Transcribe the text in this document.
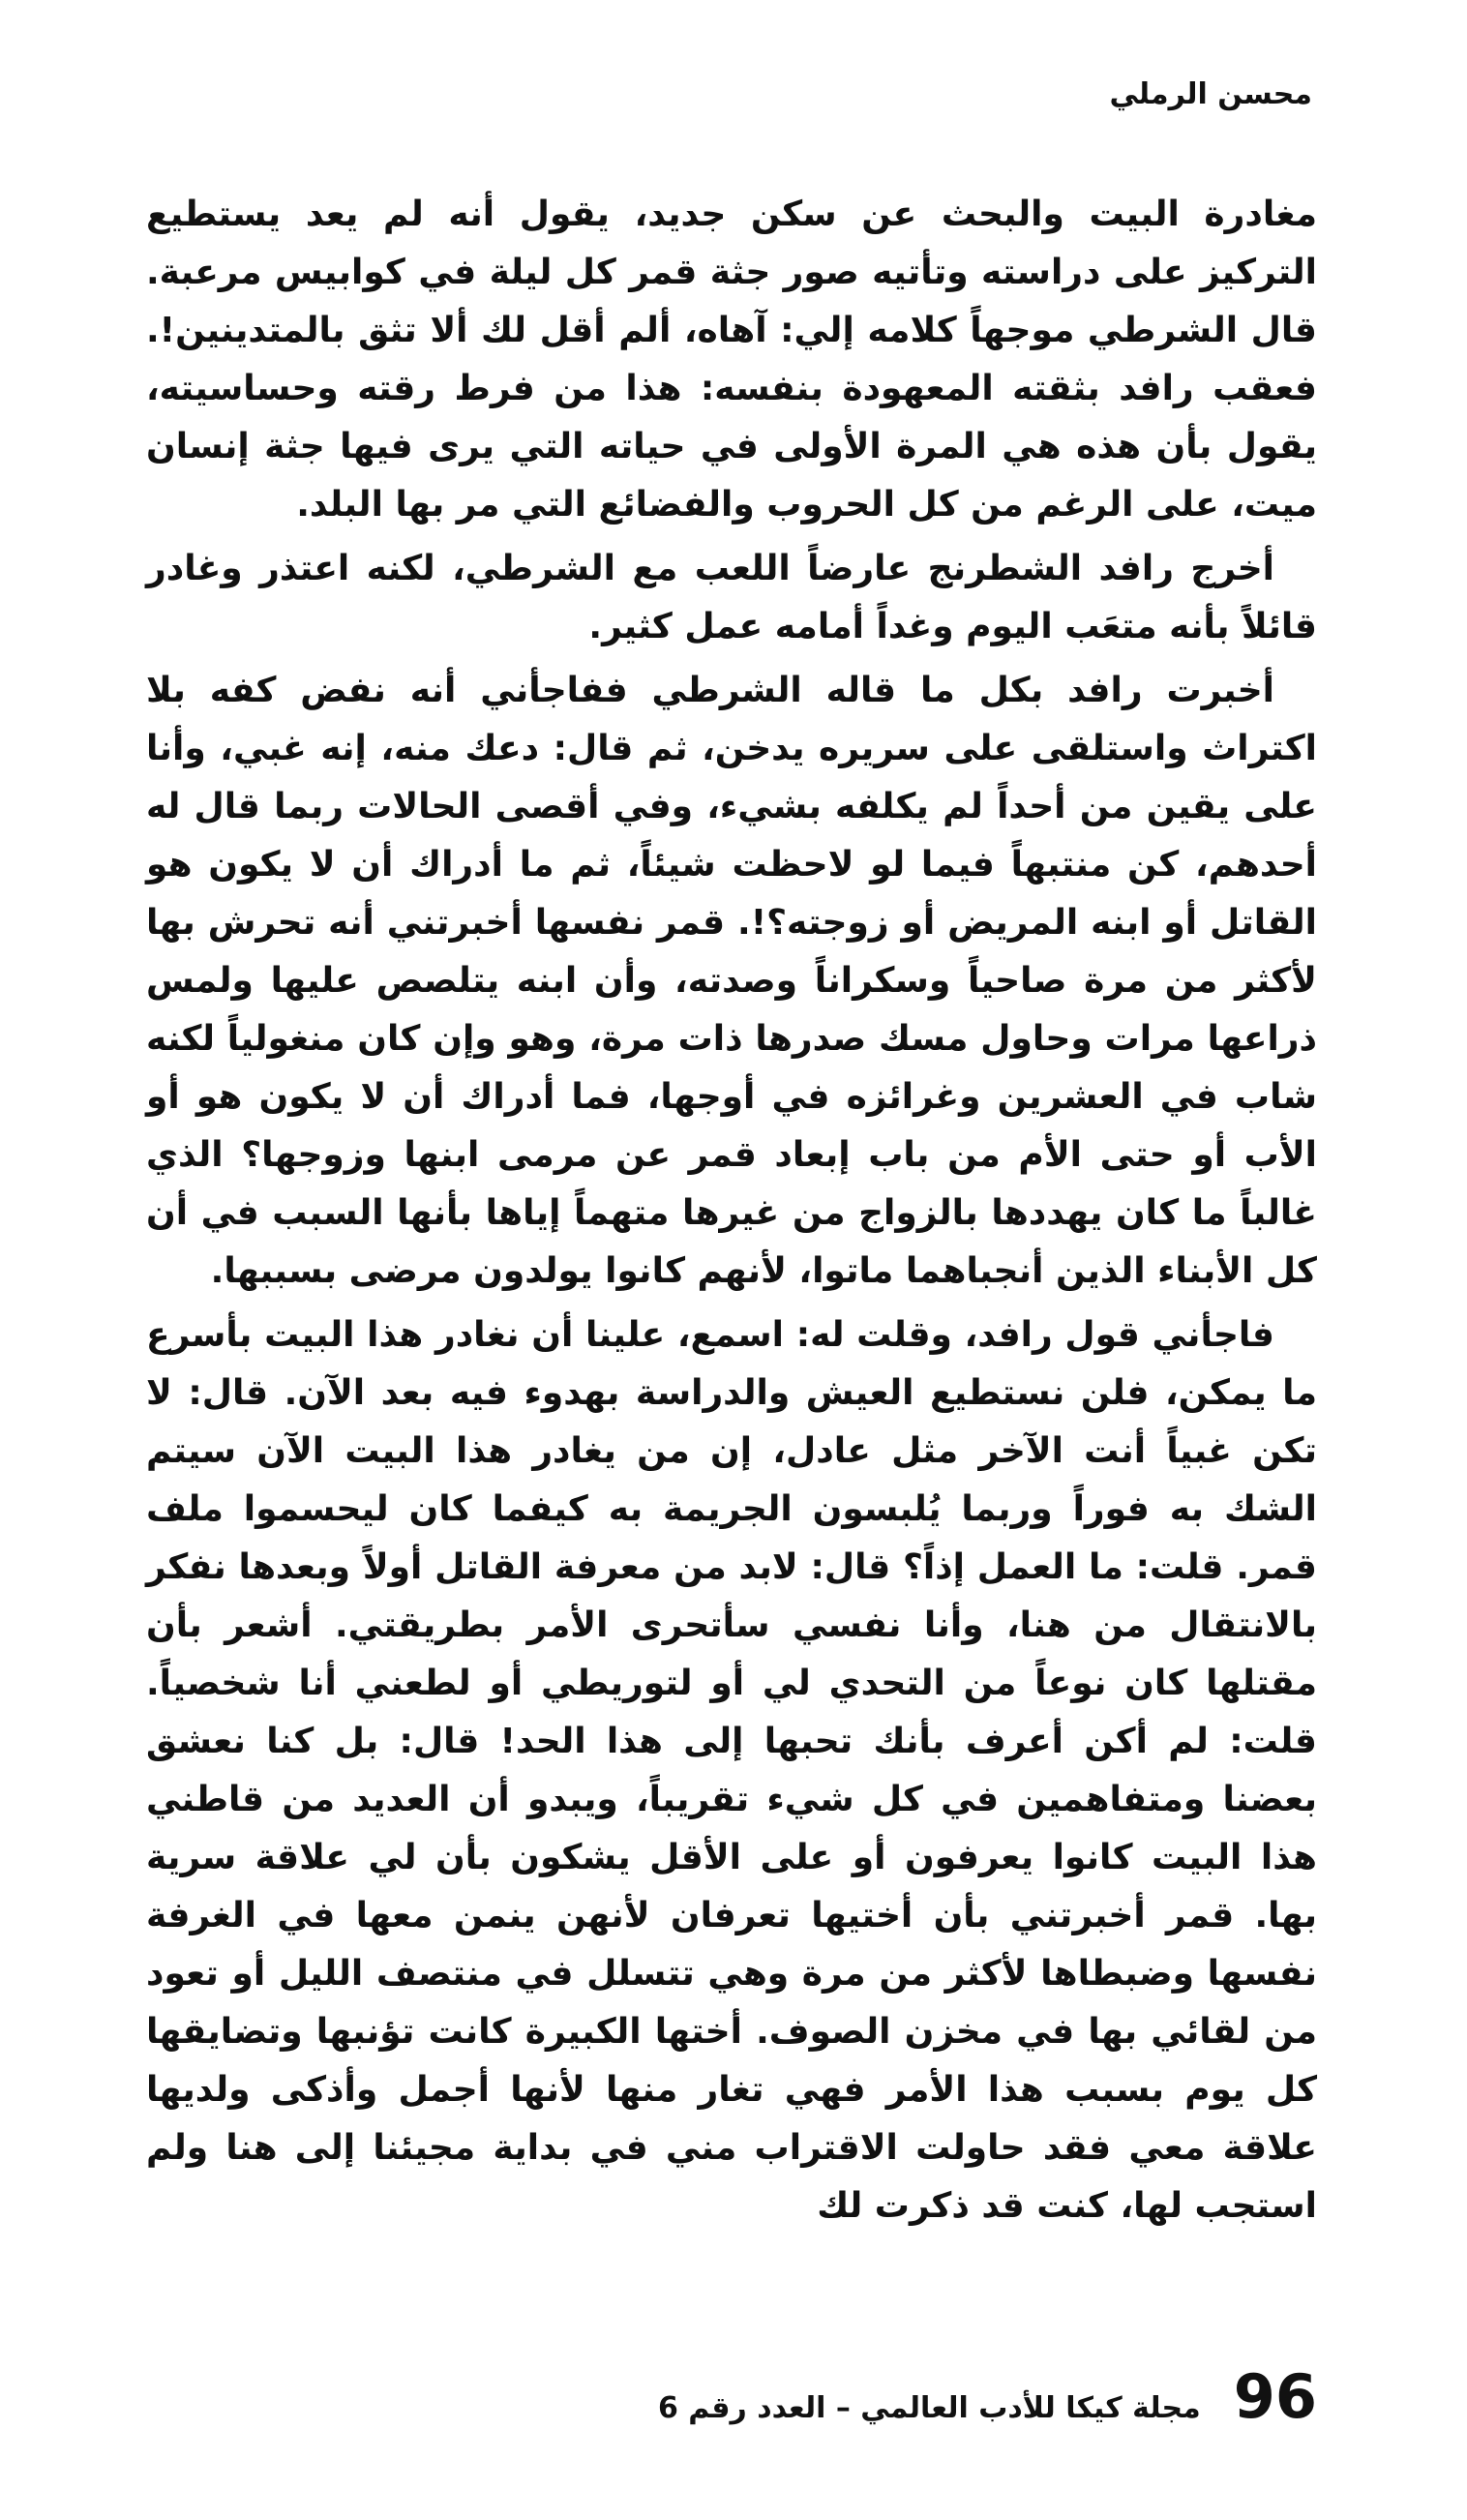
محسن الرملي

مغادرة البيت والبحث عن سكن جديد، يقول أنه لم يعد يستطيع التركيز على دراسته وتأتيه صور جثة قمر كل ليلة في كوابيس مرعبة. قال الشرطي موجهاً كلامه إلي: آهاه، ألم أقل لك ألا تثق بالمتدينين!. فعقب رافد بثقته المعهودة بنفسه: هذا من فرط رقته وحساسيته، يقول بأن هذه هي المرة الأولى في حياته التي يرى فيها جثة إنسان ميت، على الرغم من كل الحروب والفضائع التي مر بها البلد.

أخرج رافد الشطرنج عارضاً اللعب مع الشرطي، لكنه اعتذر وغادر قائلاً بأنه متعَب اليوم وغداً أمامه عمل كثير.

أخبرت رافد بكل ما قاله الشرطي ففاجأني أنه نفض كفه بلا اكتراث واستلقى على سريره يدخن، ثم قال: دعك منه، إنه غبي، وأنا على يقين من أحداً لم يكلفه بشيء، وفي أقصى الحالات ربما قال له أحدهم، كن منتبهاً فيما لو لاحظت شيئاً، ثم ما أدراك أن لا يكون هو القاتل أو ابنه المريض أو زوجته؟!. قمر نفسها أخبرتني أنه تحرش بها لأكثر من مرة صاحياً وسكراناً وصدته، وأن ابنه يتلصص عليها ولمس ذراعها مرات وحاول مسك صدرها ذات مرة، وهو وإن كان منغولياً لكنه شاب في العشرين وغرائزه في أوجها، فما أدراك أن لا يكون هو أو الأب أو حتى الأم من باب إبعاد قمر عن مرمى ابنها وزوجها؟ الذي غالباً ما كان يهددها بالزواج من غيرها متهماً إياها بأنها السبب في أن كل الأبناء الذين أنجباهما ماتوا، لأنهم كانوا يولدون مرضى بسببها.

فاجأني قول رافد، وقلت له: اسمع، علينا أن نغادر هذا البيت بأسرع ما يمكن، فلن نستطيع العيش والدراسة بهدوء فيه بعد الآن. قال: لا تكن غبياً أنت الآخر مثل عادل، إن من يغادر هذا البيت الآن سيتم الشك به فوراً وربما يُلبسون الجريمة به كيفما كان ليحسموا ملف قمر. قلت: ما العمل إذاً؟ قال: لابد من معرفة القاتل أولاً وبعدها نفكر بالانتقال من هنا، وأنا نفسي سأتحرى الأمر بطريقتي. أشعر بأن مقتلها كان نوعاً من التحدي لي أو لتوريطي أو لطعني أنا شخصياً. قلت: لم أكن أعرف بأنك تحبها إلى هذا الحد! قال: بل كنا نعشق بعضنا ومتفاهمين في كل شيء تقريباً، ويبدو أن العديد من قاطني هذا البيت كانوا يعرفون أو على الأقل يشكون بأن لي علاقة سرية بها. قمر أخبرتني بأن أختيها تعرفان لأنهن ينمن معها في الغرفة نفسها وضبطاها لأكثر من مرة وهي تتسلل في منتصف الليل أو تعود من لقائي بها في مخزن الصوف. أختها الكبيرة كانت تؤنبها وتضايقها كل يوم بسبب هذا الأمر فهي تغار منها لأنها أجمل وأذكى ولديها علاقة معي فقد حاولت الاقتراب مني في بداية مجيئنا إلى هنا ولم استجب لها، كنت قد ذكرت لك

96
مجلة كيكا للأدب العالمي – العدد رقم 6
